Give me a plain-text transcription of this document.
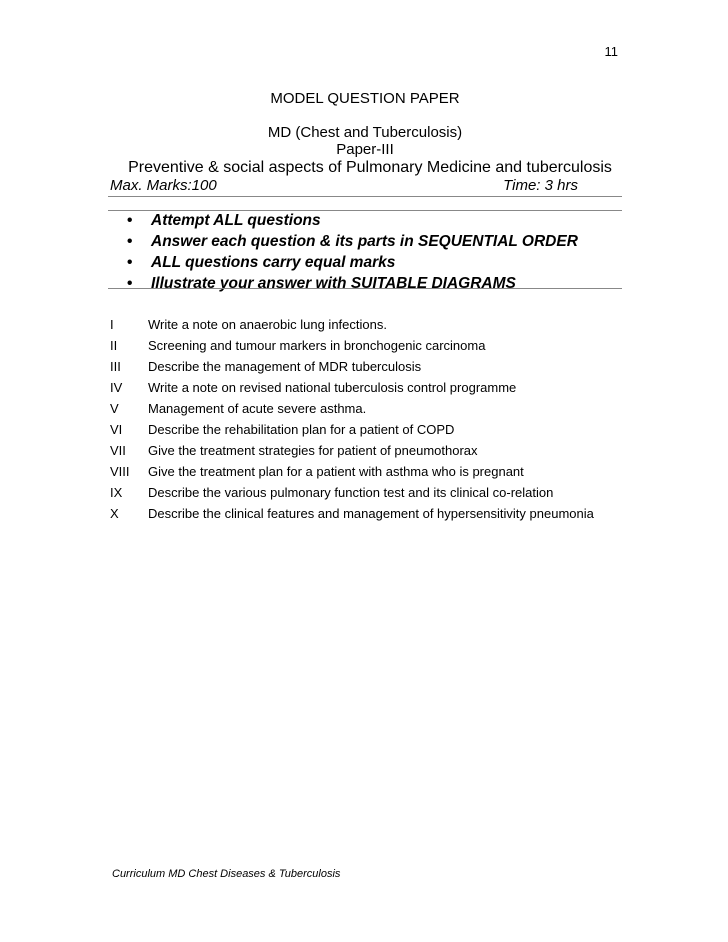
11
MODEL QUESTION PAPER
MD (Chest and Tuberculosis)
Paper-III
Preventive & social aspects of Pulmonary Medicine and tuberculosis
Max. Marks:100	Time: 3 hrs
• Attempt ALL questions
• Answer each question & its parts in SEQUENTIAL ORDER
• ALL questions carry equal marks
• Illustrate your answer with SUITABLE DIAGRAMS
I	Write a note on anaerobic lung infections.
II Screening and tumour markers in bronchogenic carcinoma
III Describe the management of MDR tuberculosis
IV Write a note on revised national tuberculosis control programme
V Management of acute severe asthma.
VI Describe the rehabilitation plan for a patient of COPD
VII Give the treatment strategies for patient of pneumothorax
VIII Give the treatment plan for a patient with asthma who is pregnant
IX Describe the various pulmonary function test and its clinical co-relation
X Describe the clinical features and management of hypersensitivity pneumonia
Curriculum MD Chest Diseases & Tuberculosis
